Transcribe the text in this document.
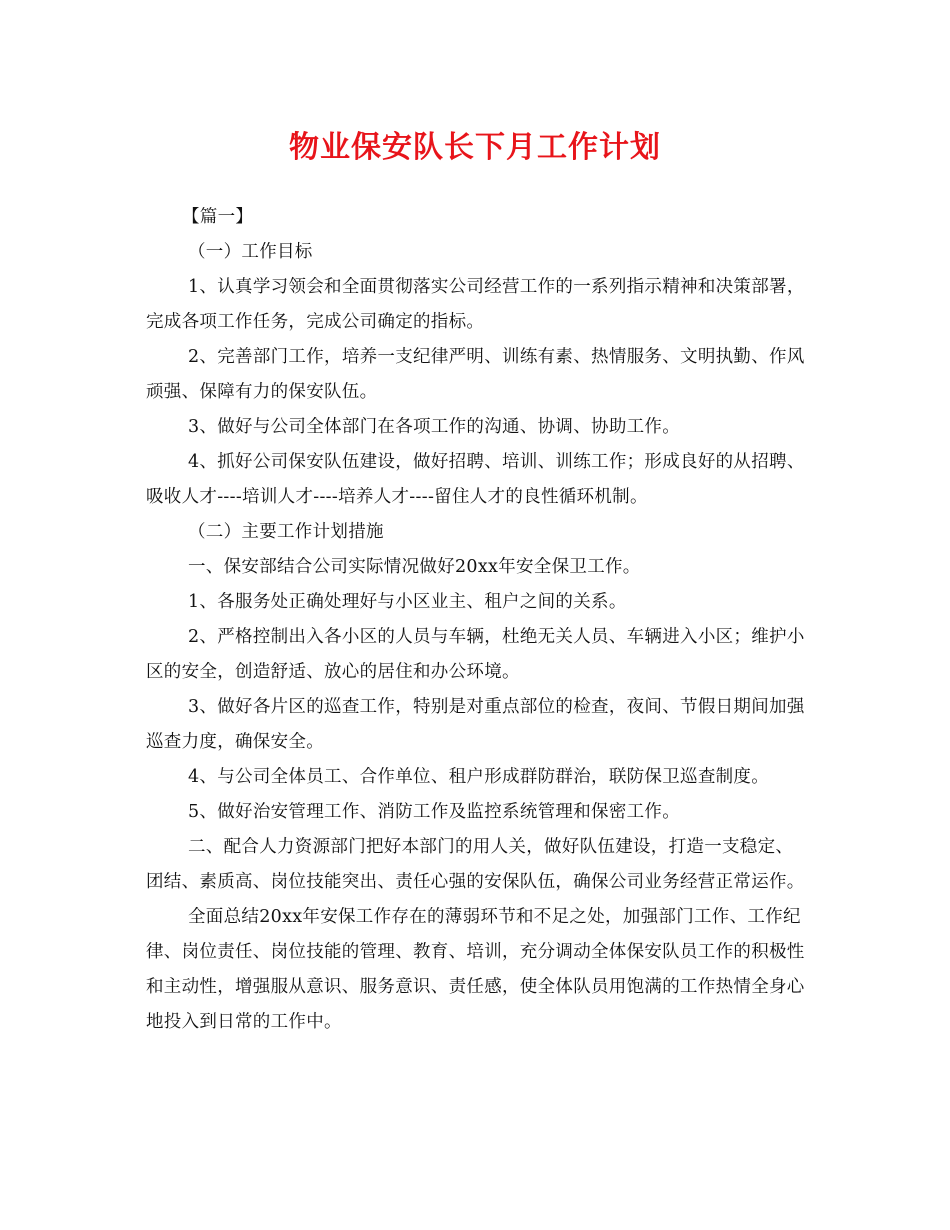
物业保安队长下月工作计划

【篇一】

（一）工作目标

1、认真学习领会和全面贯彻落实公司经营工作的一系列指示精神和决策部署，完成各项工作任务，完成公司确定的指标。

2、完善部门工作，培养一支纪律严明、训练有素、热情服务、文明执勤、作风顽强、保障有力的保安队伍。

3、做好与公司全体部门在各项工作的沟通、协调、协助工作。

4、抓好公司保安队伍建设，做好招聘、培训、训练工作；形成良好的从招聘、吸收人才----培训人才----培养人才----留住人才的良性循环机制。

（二）主要工作计划措施

一、保安部结合公司实际情况做好20xx年安全保卫工作。

1、各服务处正确处理好与小区业主、租户之间的关系。

2、严格控制出入各小区的人员与车辆，杜绝无关人员、车辆进入小区；维护小区的安全，创造舒适、放心的居住和办公环境。

3、做好各片区的巡查工作，特别是对重点部位的检查，夜间、节假日期间加强巡查力度，确保安全。

4、与公司全体员工、合作单位、租户形成群防群治，联防保卫巡查制度。

5、做好治安管理工作、消防工作及监控系统管理和保密工作。

二、配合人力资源部门把好本部门的用人关，做好队伍建设，打造一支稳定、团结、素质高、岗位技能突出、责任心强的安保队伍，确保公司业务经营正常运作。

全面总结20xx年安保工作存在的薄弱环节和不足之处，加强部门工作、工作纪律、岗位责任、岗位技能的管理、教育、培训，充分调动全体保安队员工作的积极性和主动性，增强服从意识、服务意识、责任感，使全体队员用饱满的工作热情全身心地投入到日常的工作中。
